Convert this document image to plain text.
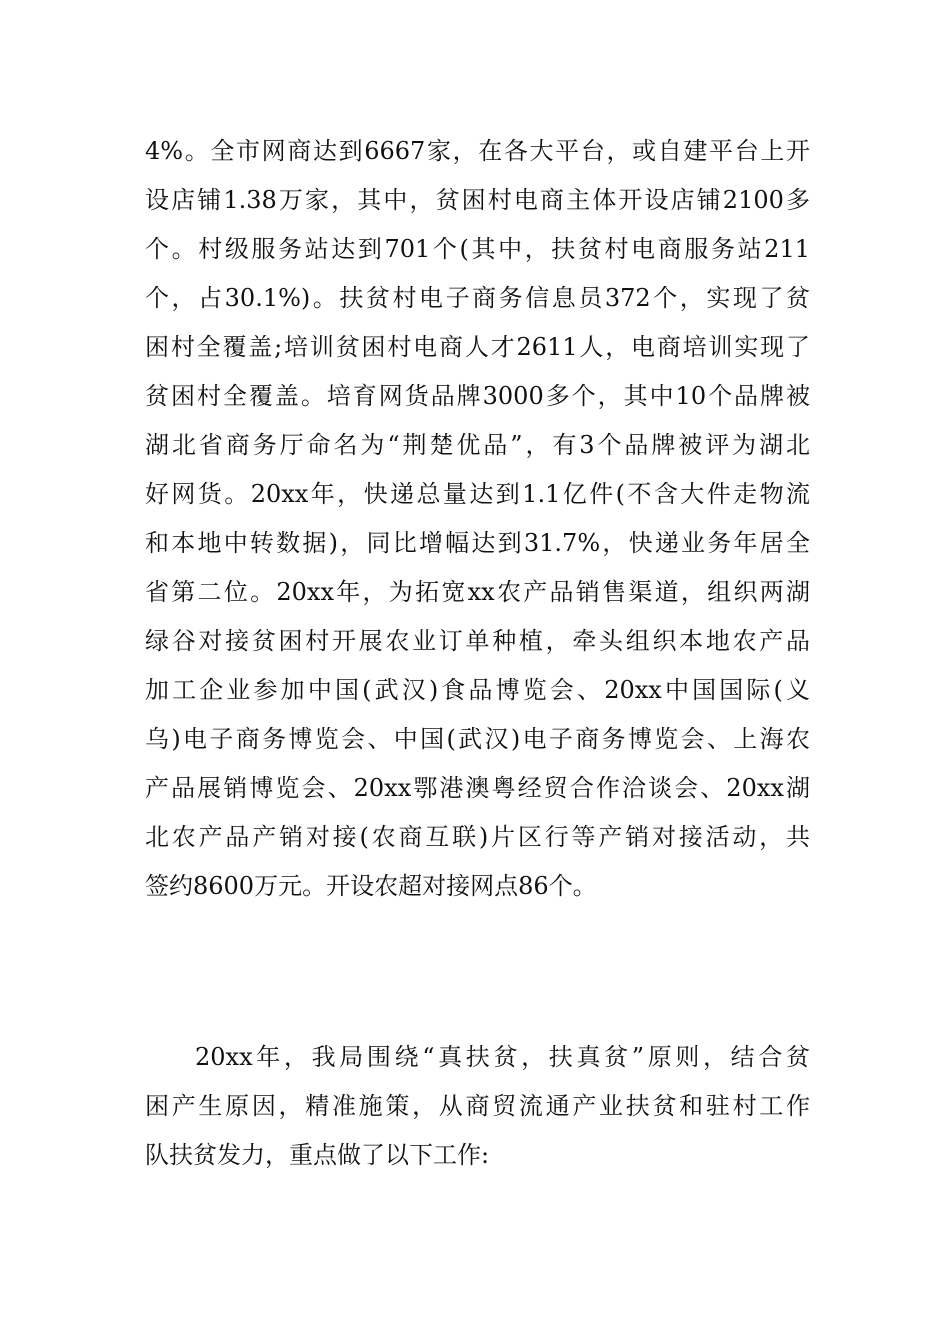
4%。全市网商达到6667家，在各大平台，或自建平台上开
设店铺1.38万家，其中，贫困村电商主体开设店铺2100多
个。村级服务站达到701个(其中，扶贫村电商服务站211
个，占30.1%)。扶贫村电子商务信息员372个，实现了贫
困村全覆盖;培训贫困村电商人才2611人，电商培训实现了
贫困村全覆盖。培育网货品牌3000多个，其中10个品牌被
湖北省商务厅命名为“荆楚优品”，有3个品牌被评为湖北
好网货。20xx年，快递总量达到1.1亿件(不含大件走物流
和本地中转数据)，同比增幅达到31.7%，快递业务年居全
省第二位。20xx年，为拓宽xx农产品销售渠道，组织两湖
绿谷对接贫困村开展农业订单种植，牵头组织本地农产品
加工企业参加中国(武汉)食品博览会、20xx中国国际(义
乌)电子商务博览会、中国(武汉)电子商务博览会、上海农
产品展销博览会、20xx鄂港澳粤经贸合作洽谈会、20xx湖
北农产品产销对接(农商互联)片区行等产销对接活动，共
签约8600万元。开设农超对接网点86个。
20xx年，我局围绕“真扶贫，扶真贫”原则，结合贫
困产生原因，精准施策，从商贸流通产业扶贫和驻村工作
队扶贫发力，重点做了以下工作:
